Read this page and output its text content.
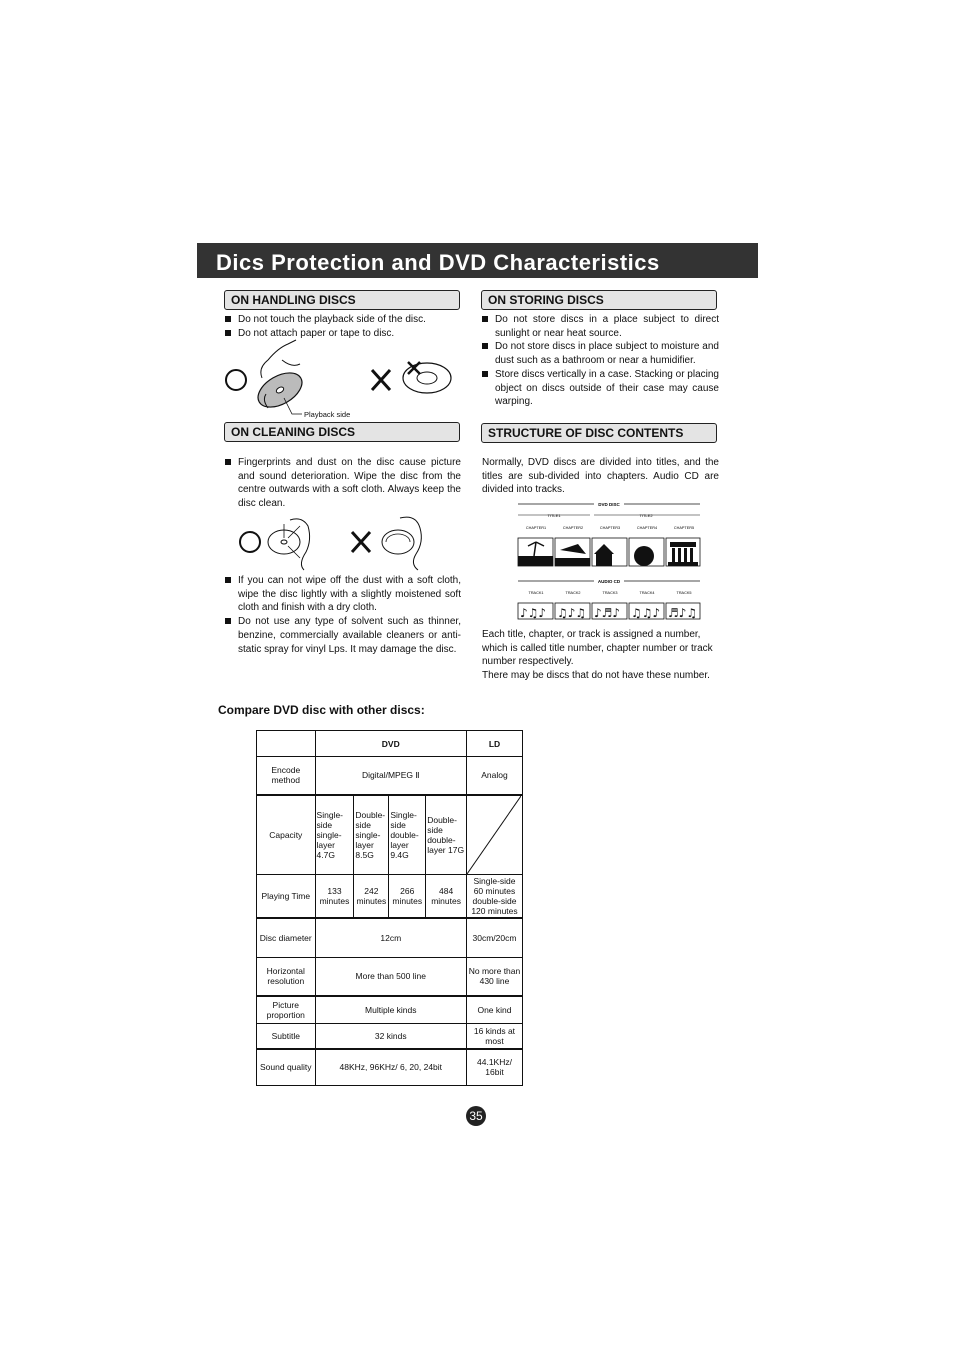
Dics Protection and DVD Characteristics
ON HANDLING DISCS
Do not touch the playback side of the disc.
Do not attach paper or tape to disc.
Playback side
ON STORING DISCS
Do not store discs in a place subject to direct sunlight or near heat source.
Do not store discs in place subject to moisture and dust such as a bathroom or near a humidifier.
Store discs vertically in a case. Stacking or placing object on discs outside of their case may cause warping.
ON CLEANING DISCS
Fingerprints and dust on the disc cause picture and sound deterioration. Wipe the disc from the centre outwards with a soft cloth. Always keep the disc clean.
If you can not wipe off the dust with a soft cloth, wipe the disc lightly with a slightly moistened soft cloth and finish with a dry cloth.
Do not use any type of solvent such as thinner, benzine, commercially available cleaners or anti-static spray for vinyl Lps. It may damage the disc.
STRUCTURE OF DISC CONTENTS
Normally, DVD discs are divided into titles, and the titles are sub-divided into chapters. Audio CD are divided into tracks.
DVD DISC
TITLE1	TITLE2
CHAPTER1	CHAPTER2	CHAPTER3	CHAPTER4	CHAPTER5
AUDIO CD
TRACK1	TRACK2	TRACK3	TRACK4	TRACK5
♪♫♪ ♫♪♫ ♪♬♪ ♫♫♪ ♬♪♫
Each title, chapter, or track is assigned a number, which is called title number, chapter number or track number respectively.
There may be discs that do not have these number.
Compare DVD disc with other discs:
	DVD				LD
Encode method	Digital/MPEG Ⅱ				Analog
Capacity	Single-side single-layer 4.7G	Double-side single-layer 8.5G	Single-side double-layer 9.4G	Double-side double-layer 17G	

Playing Time	133 minutes	242 minutes	266 minutes	484 minutes	Single-side 60 minutes double-side 120 minutes
Disc diameter	12cm				30cm/20cm
Horizontal resolution	More than 500 line				No more than 430 line
Picture proportion	Multiple kinds				One kind
Subtitle	32 kinds				16 kinds at most
Sound quality	48KHz, 96KHz/ 6, 20, 24bit				44.1KHz/ 16bit
35
